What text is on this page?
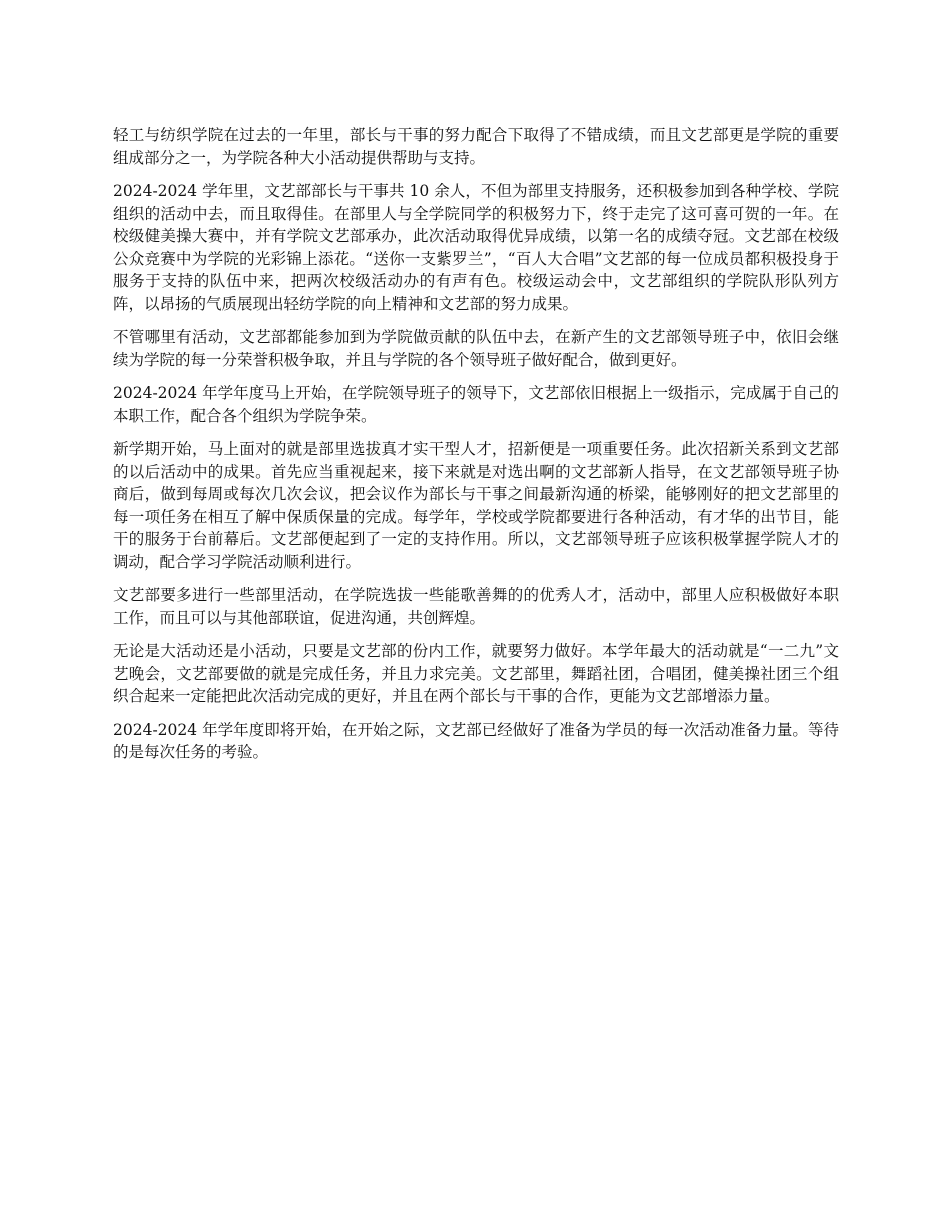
轻工与纺织学院在过去的一年里，部长与干事的努力配合下取得了不错成绩，而且文艺部更是学院的重要组成部分之一，为学院各种大小活动提供帮助与支持。

2024-2024 学年里，文艺部部长与干事共 10 余人，不但为部里支持服务，还积极参加到各种学校、学院组织的活动中去，而且取得佳。在部里人与全学院同学的积极努力下，终于走完了这可喜可贺的一年。在校级健美操大赛中，并有学院文艺部承办，此次活动取得优异成绩，以第一名的成绩夺冠。文艺部在校级公众竞赛中为学院的光彩锦上添花。“送你一支紫罗兰”，“百人大合唱”文艺部的每一位成员都积极投身于服务于支持的队伍中来，把两次校级活动办的有声有色。校级运动会中，文艺部组织的学院队形队列方阵，以昂扬的气质展现出轻纺学院的向上精神和文艺部的努力成果。

不管哪里有活动，文艺部都能参加到为学院做贡献的队伍中去，在新产生的文艺部领导班子中，依旧会继续为学院的每一分荣誉积极争取，并且与学院的各个领导班子做好配合，做到更好。

2024-2024 年学年度马上开始，在学院领导班子的领导下，文艺部依旧根据上一级指示，完成属于自己的本职工作，配合各个组织为学院争荣。

新学期开始，马上面对的就是部里选拔真才实干型人才，招新便是一项重要任务。此次招新关系到文艺部的以后活动中的成果。首先应当重视起来，接下来就是对选出啊的文艺部新人指导，在文艺部领导班子协商后，做到每周或每次几次会议，把会议作为部长与干事之间最新沟通的桥梁，能够刚好的把文艺部里的每一项任务在相互了解中保质保量的完成。每学年，学校或学院都要进行各种活动，有才华的出节目，能干的服务于台前幕后。文艺部便起到了一定的支持作用。所以，文艺部领导班子应该积极掌握学院人才的调动，配合学习学院活动顺利进行。

文艺部要多进行一些部里活动，在学院选拔一些能歌善舞的的优秀人才，活动中，部里人应积极做好本职工作，而且可以与其他部联谊，促进沟通，共创辉煌。

无论是大活动还是小活动，只要是文艺部的份内工作，就要努力做好。本学年最大的活动就是“一二九”文艺晚会，文艺部要做的就是完成任务，并且力求完美。文艺部里，舞蹈社团，合唱团，健美操社团三个组织合起来一定能把此次活动完成的更好，并且在两个部长与干事的合作，更能为文艺部增添力量。

2024-2024 年学年度即将开始，在开始之际，文艺部已经做好了准备为学员的每一次活动准备力量。等待的是每次任务的考验。
